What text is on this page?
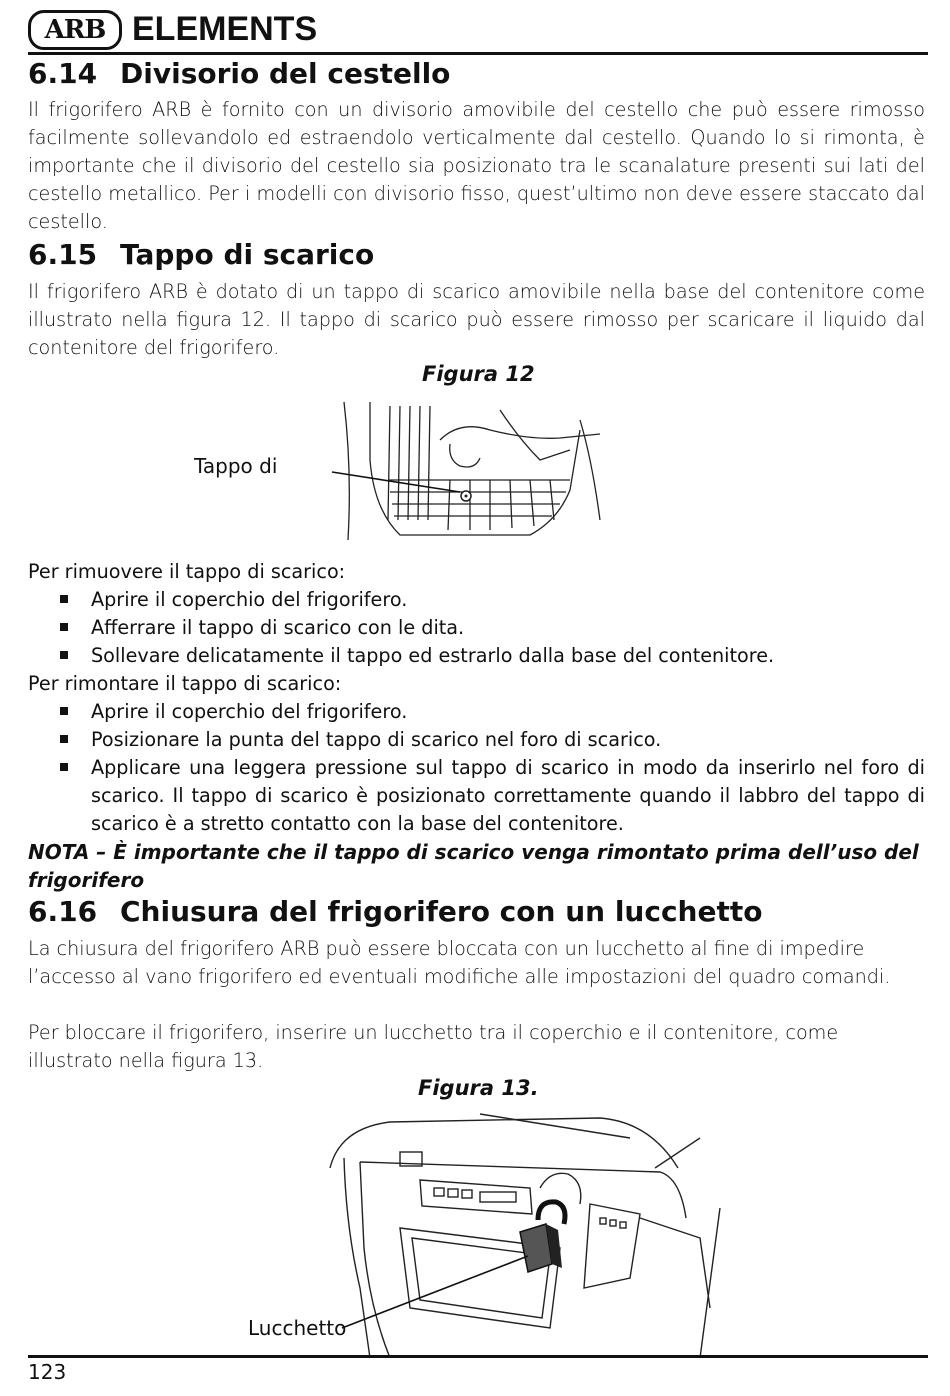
ARB ELEMENTS
6.14 Divisorio del cestello

Il frigorifero ARB è fornito con un divisorio amovibile del cestello che può essere rimosso facilmente sollevandolo ed estraendolo verticalmente dal cestello. Quando lo si rimonta, è importante che il divisorio del cestello sia posizionato tra le scanalature presenti sui lati del cestello metallico. Per i modelli con divisorio fisso, quest’ultimo non deve essere staccato dal cestello.

6.15 Tappo di scarico

Il frigorifero ARB è dotato di un tappo di scarico amovibile nella base del contenitore come illustrato nella figura 12. Il tappo di scarico può essere rimosso per scaricare il liquido dal contenitore del frigorifero.

Figura 12
Tappo di
Per rimuovere il tappo di scarico:
Aprire il coperchio del frigorifero.
Afferrare il tappo di scarico con le dita.
Sollevare delicatamente il tappo ed estrarlo dalla base del contenitore.
Per rimontare il tappo di scarico:
Aprire il coperchio del frigorifero.
Posizionare la punta del tappo di scarico nel foro di scarico.
Applicare una leggera pressione sul tappo di scarico in modo da inserirlo nel foro di scarico. Il tappo di scarico è posizionato correttamente quando il labbro del tappo di scarico è a stretto contatto con la base del contenitore.
NOTA – È importante che il tappo di scarico venga rimontato prima dell’uso del frigorifero
6.16 Chiusura del frigorifero con un lucchetto

La chiusura del frigorifero ARB può essere bloccata con un lucchetto al fine di impedire l’accesso al vano frigorifero ed eventuali modifiche alle impostazioni del quadro comandi.

Per bloccare il frigorifero, inserire un lucchetto tra il coperchio e il contenitore, come illustrato nella figura 13.

Figura 13.
Lucchetto
123
